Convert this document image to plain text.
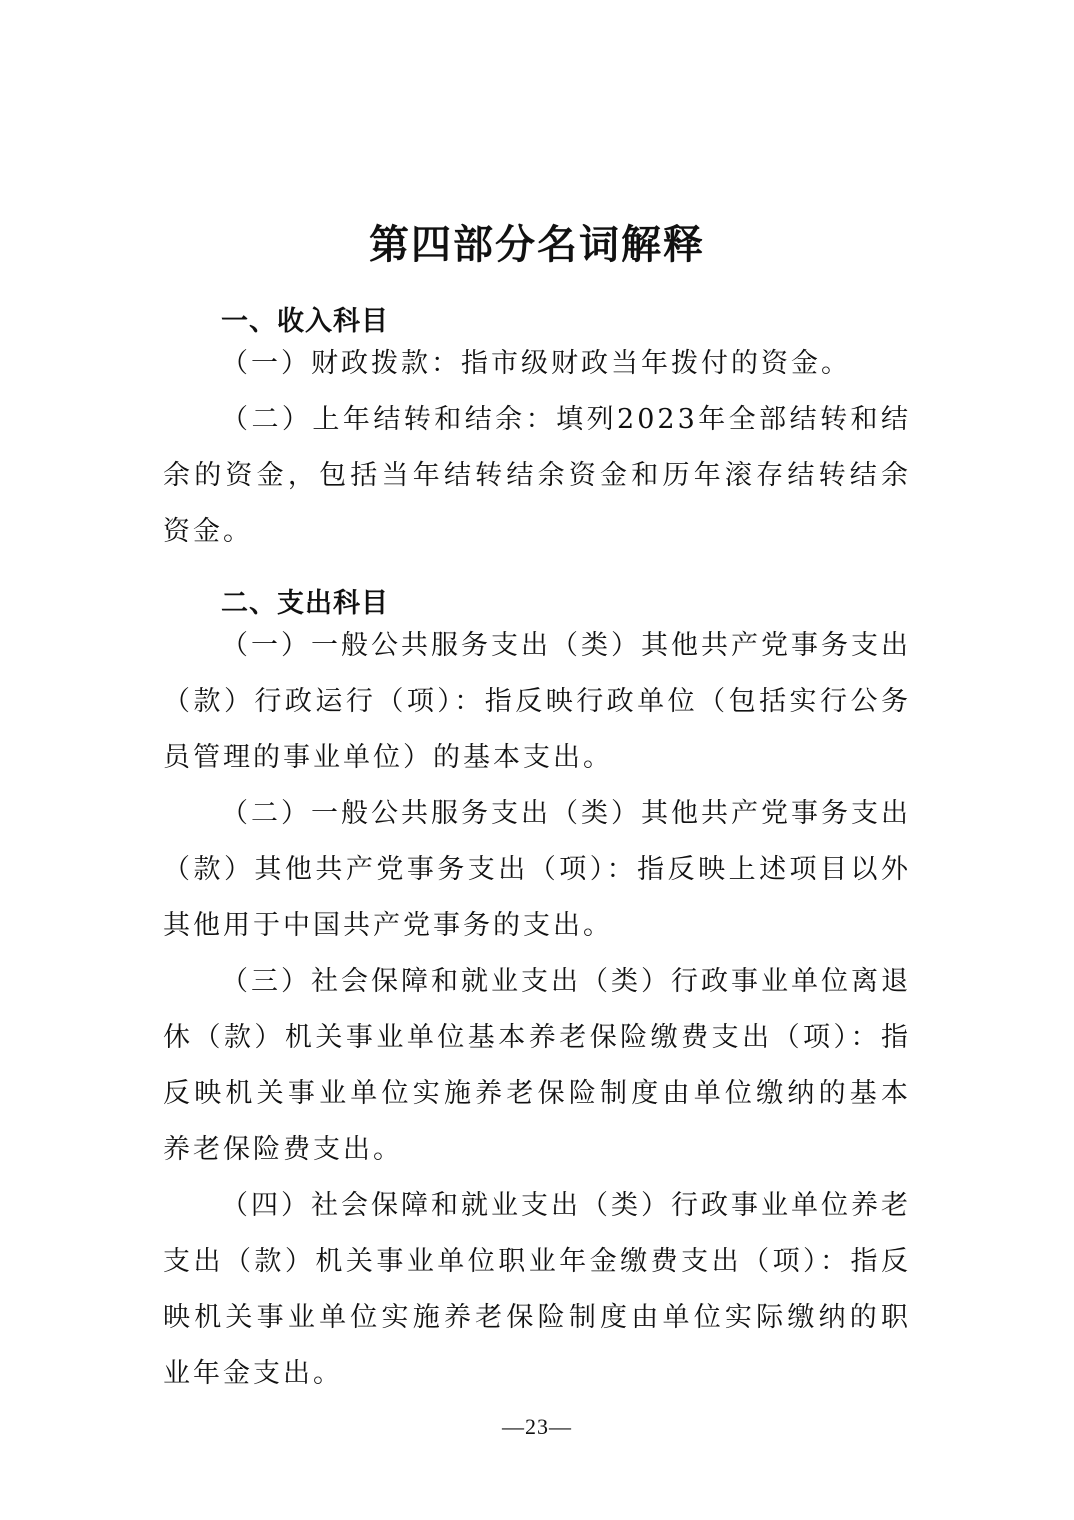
第四部分名词解释
一、收入科目

（一）财政拨款：指市级财政当年拨付的资金。

（二）上年结转和结余：填列2023年全部结转和结余的资金，包括当年结转结余资金和历年滚存结转结余资金。

二、支出科目

（一）一般公共服务支出（类）其他共产党事务支出（款）行政运行（项）：指反映行政单位（包括实行公务员管理的事业单位）的基本支出。

（二）一般公共服务支出（类）其他共产党事务支出（款）其他共产党事务支出（项）：指反映上述项目以外其他用于中国共产党事务的支出。

（三）社会保障和就业支出（类）行政事业单位离退休（款）机关事业单位基本养老保险缴费支出（项）：指反映机关事业单位实施养老保险制度由单位缴纳的基本养老保险费支出。

（四）社会保障和就业支出（类）行政事业单位养老支出（款）机关事业单位职业年金缴费支出（项）：指反映机关事业单位实施养老保险制度由单位实际缴纳的职业年金支出。

—23—
